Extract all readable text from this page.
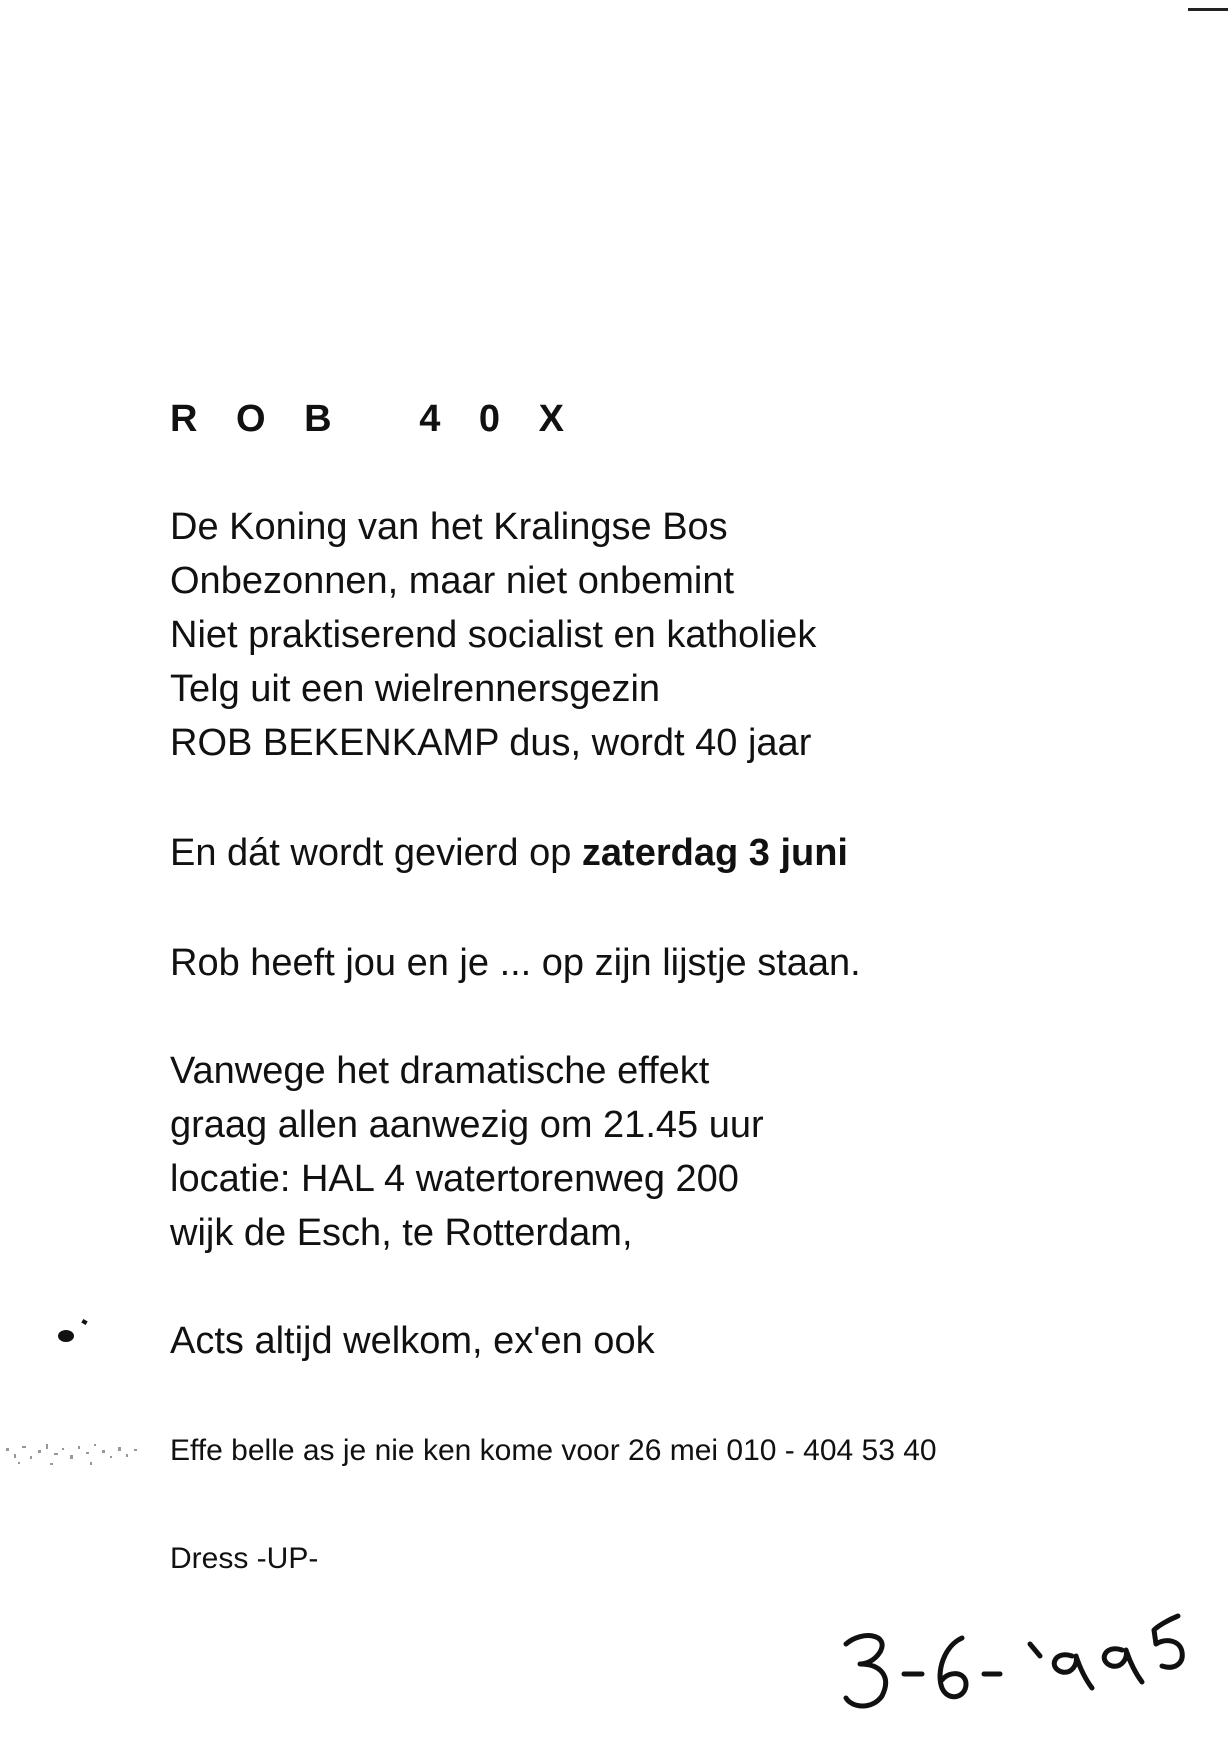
R O B   4 0 X
De Koning van het Kralingse Bos
Onbezonnen, maar niet onbemint
Niet praktiserend socialist en katholiek
Telg uit een wielrennersgezin
ROB BEKENKAMP dus, wordt 40 jaar
En dát wordt gevierd op zaterdag 3 juni
Rob heeft jou en je ... op zijn lijstje staan.
Vanwege het dramatische effekt
graag allen aanwezig om 21.45 uur
locatie: HAL 4 watertorenweg 200
wijk de Esch, te Rotterdam,
Acts altijd welkom, ex'en ook
Effe belle as je nie ken kome voor 26 mei 010 - 404 53 40
Dress -UP-
